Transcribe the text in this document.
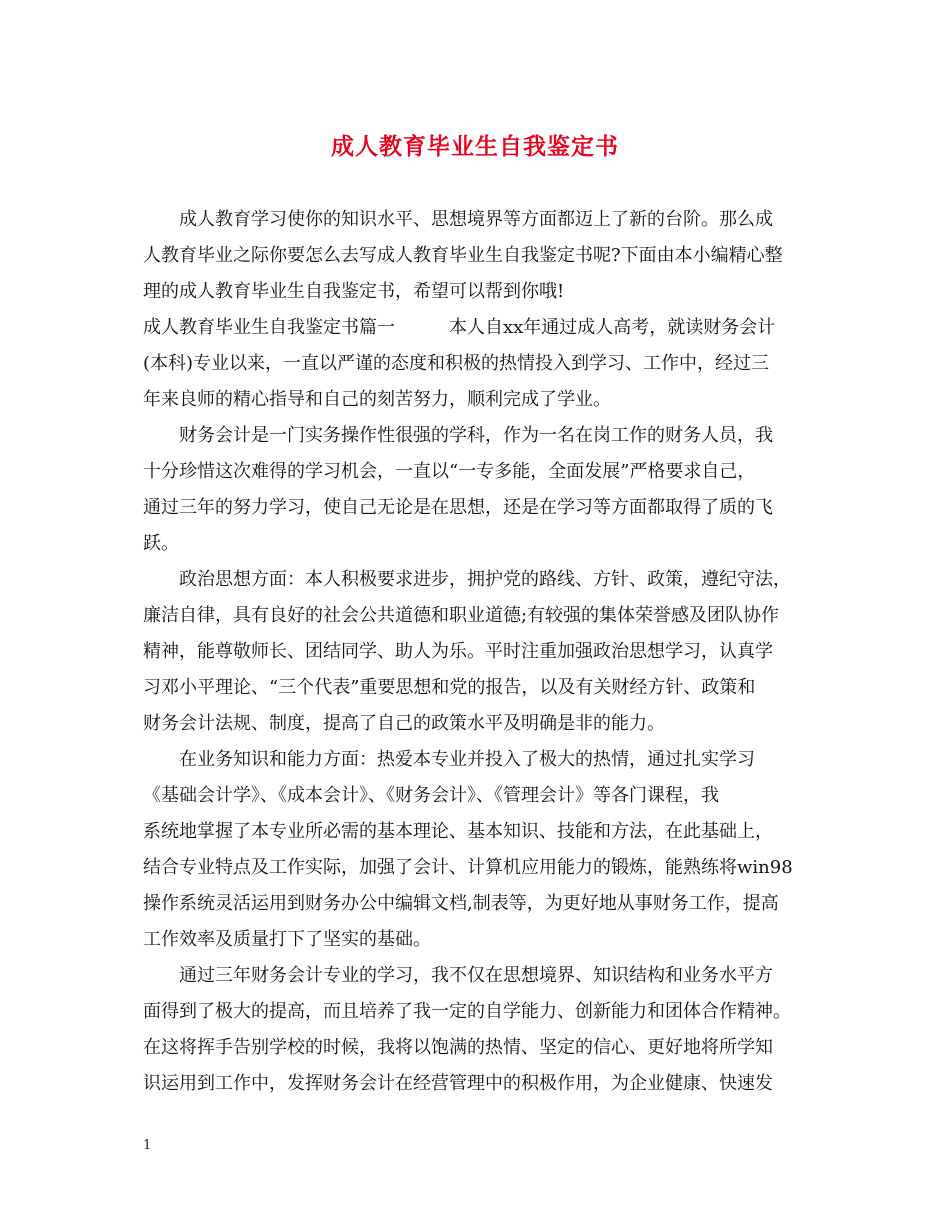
成人教育毕业生自我鉴定书
　　成人教育学习使你的知识水平、思想境界等方面都迈上了新的台阶。那么成
人教育毕业之际你要怎么去写成人教育毕业生自我鉴定书呢?下面由本小编精心整
理的成人教育毕业生自我鉴定书，希望可以帮到你哦!
成人教育毕业生自我鉴定书篇一　　　本人自xx年通过成人高考，就读财务会计
(本科)专业以来，一直以严谨的态度和积极的热情投入到学习、工作中，经过三
年来良师的精心指导和自己的刻苦努力，顺利完成了学业。
　　财务会计是一门实务操作性很强的学科，作为一名在岗工作的财务人员，我
十分珍惜这次难得的学习机会，一直以“一专多能，全面发展”严格要求自己，
通过三年的努力学习，使自己无论是在思想，还是在学习等方面都取得了质的飞
跃。
　　政治思想方面：本人积极要求进步，拥护党的路线、方针、政策，遵纪守法，
廉洁自律，具有良好的社会公共道德和职业道德;有较强的集体荣誉感及团队协作
精神，能尊敬师长、团结同学、助人为乐。平时注重加强政治思想学习，认真学
习邓小平理论、“三个代表”重要思想和党的报告，以及有关财经方针、政策和
财务会计法规、制度，提高了自己的政策水平及明确是非的能力。
　　在业务知识和能力方面：热爱本专业并投入了极大的热情，通过扎实学习
《基础会计学》、《成本会计》、《财务会计》、《管理会计》等各门课程，我
系统地掌握了本专业所必需的基本理论、基本知识、技能和方法，在此基础上，
结合专业特点及工作实际，加强了会计、计算机应用能力的锻炼，能熟练将win98
操作系统灵活运用到财务办公中编辑文档,制表等，为更好地从事财务工作，提高
工作效率及质量打下了坚实的基础。
　　通过三年财务会计专业的学习，我不仅在思想境界、知识结构和业务水平方
面得到了极大的提高，而且培养了我一定的自学能力、创新能力和团体合作精神。
在这将挥手告别学校的时候，我将以饱满的热情、坚定的信心、更好地将所学知
识运用到工作中，发挥财务会计在经营管理中的积极作用，为企业健康、快速发
1
